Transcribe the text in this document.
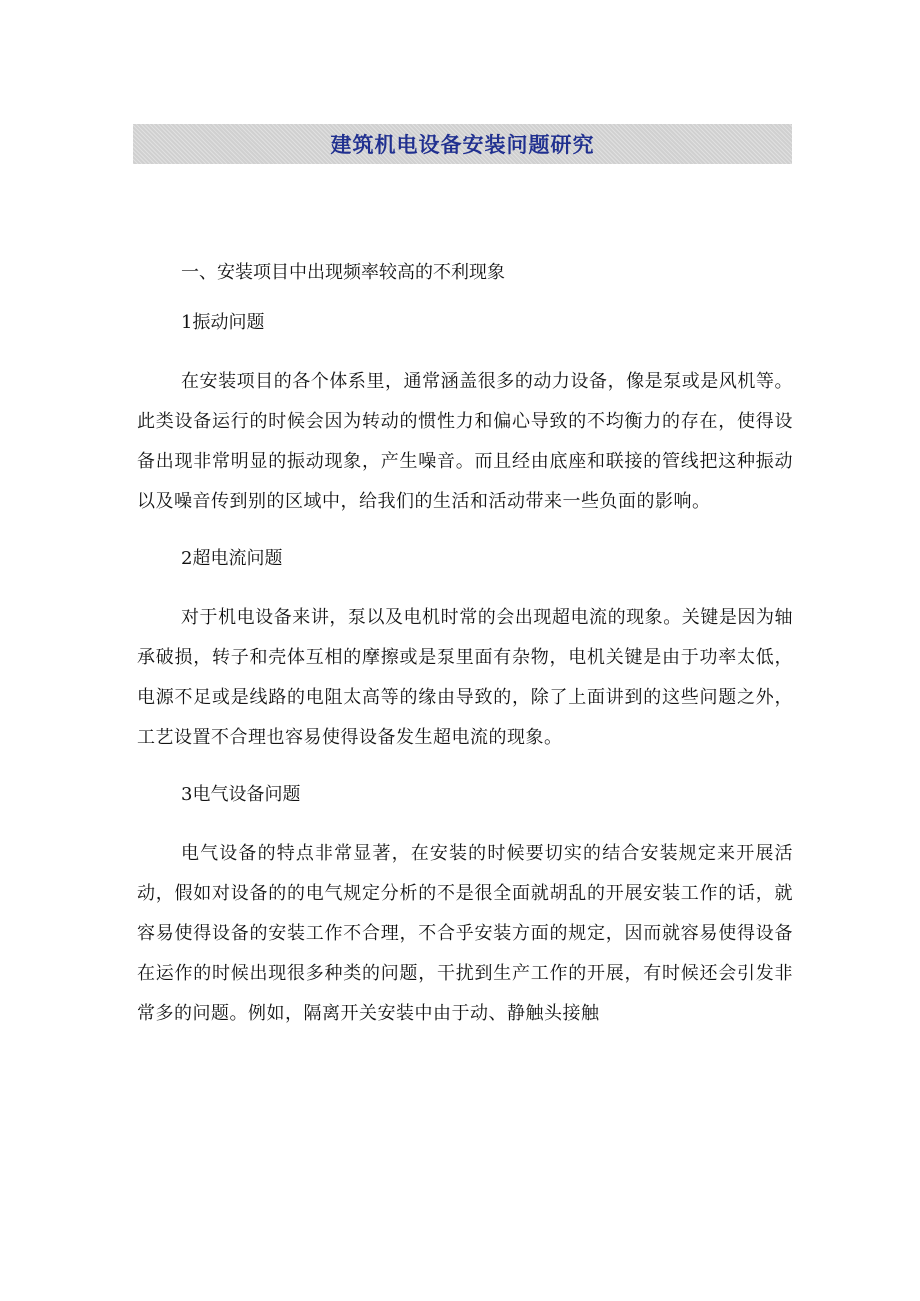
建筑机电设备安装问题研究

一、安装项目中出现频率较高的不利现象

1振动问题

在安装项目的各个体系里，通常涵盖很多的动力设备，像是泵或是风机等。此类设备运行的时候会因为转动的惯性力和偏心导致的不均衡力的存在，使得设备出现非常明显的振动现象，产生噪音。而且经由底座和联接的管线把这种振动以及噪音传到别的区域中，给我们的生活和活动带来一些负面的影响。

2超电流问题

对于机电设备来讲，泵以及电机时常的会出现超电流的现象。关键是因为轴承破损，转子和壳体互相的摩擦或是泵里面有杂物，电机关键是由于功率太低，电源不足或是线路的电阻太高等的缘由导致的，除了上面讲到的这些问题之外，工艺设置不合理也容易使得设备发生超电流的现象。

3电气设备问题

电气设备的特点非常显著，在安装的时候要切实的结合安装规定来开展活动，假如对设备的的电气规定分析的不是很全面就胡乱的开展安装工作的话，就容易使得设备的安装工作不合理，不合乎安装方面的规定，因而就容易使得设备在运作的时候出现很多种类的问题，干扰到生产工作的开展，有时候还会引发非常多的问题。例如，隔离开关安装中由于动、静触头接触
